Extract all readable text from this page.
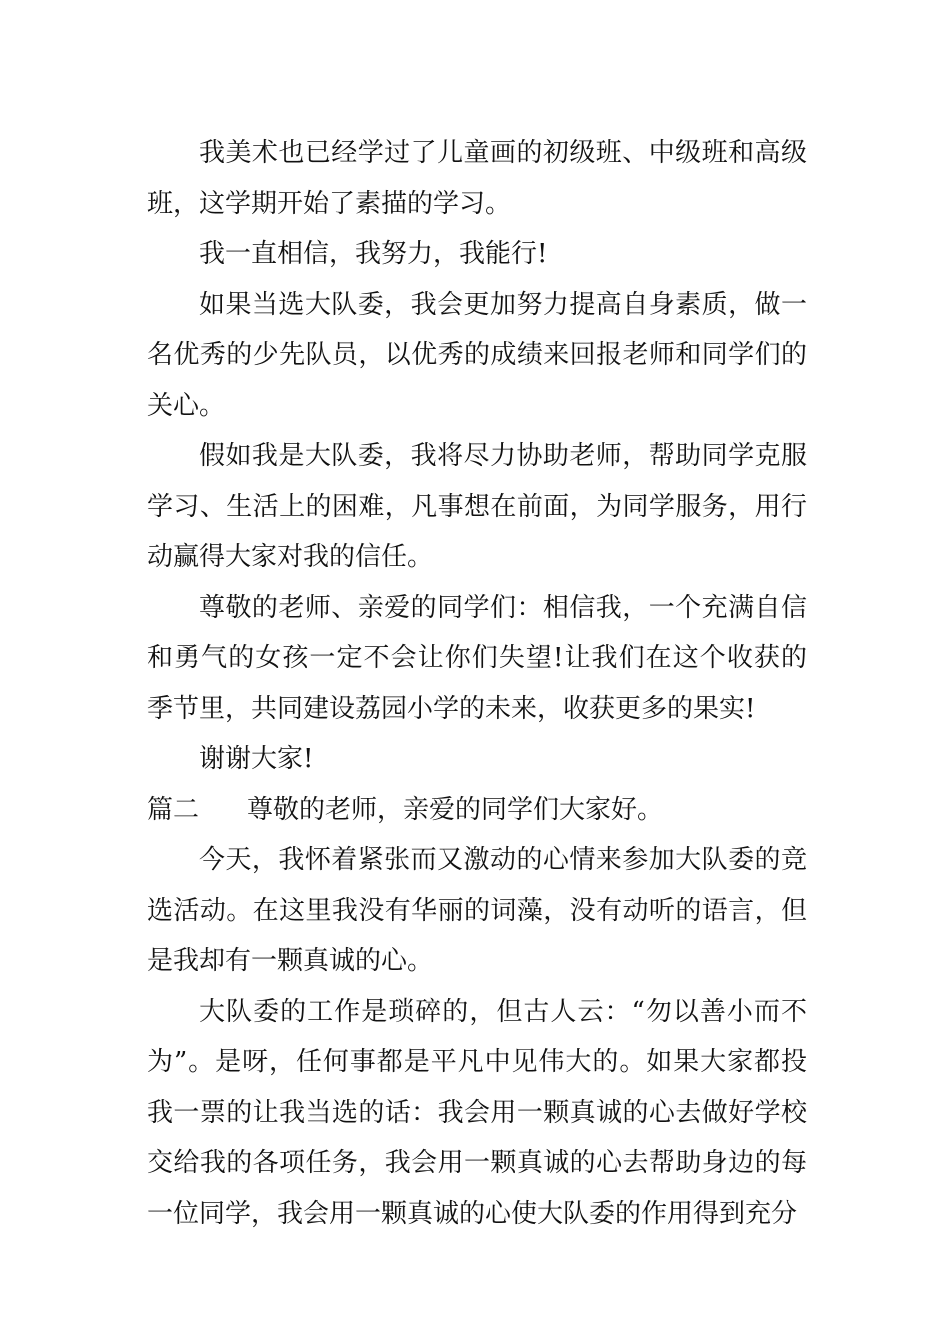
我美术也已经学过了儿童画的初级班、中级班和高级班，这学期开始了素描的学习。

我一直相信，我努力，我能行!

如果当选大队委，我会更加努力提高自身素质，做一名优秀的少先队员，以优秀的成绩来回报老师和同学们的关心。

假如我是大队委，我将尽力协助老师，帮助同学克服学习、生活上的困难，凡事想在前面，为同学服务，用行动赢得大家对我的信任。

尊敬的老师、亲爱的同学们：相信我，一个充满自信和勇气的女孩一定不会让你们失望!让我们在这个收获的季节里，共同建设荔园小学的未来，收获更多的果实!

谢谢大家!

篇二 尊敬的老师，亲爱的同学们大家好。

今天，我怀着紧张而又激动的心情来参加大队委的竞选活动。在这里我没有华丽的词藻，没有动听的语言，但是我却有一颗真诚的心。

大队委的工作是琐碎的，但古人云：“勿以善小而不为”。是呀，任何事都是平凡中见伟大的。如果大家都投我一票的让我当选的话：我会用一颗真诚的心去做好学校交给我的各项任务，我会用一颗真诚的心去帮助身边的每一位同学，我会用一颗真诚的心使大队委的作用得到充分
